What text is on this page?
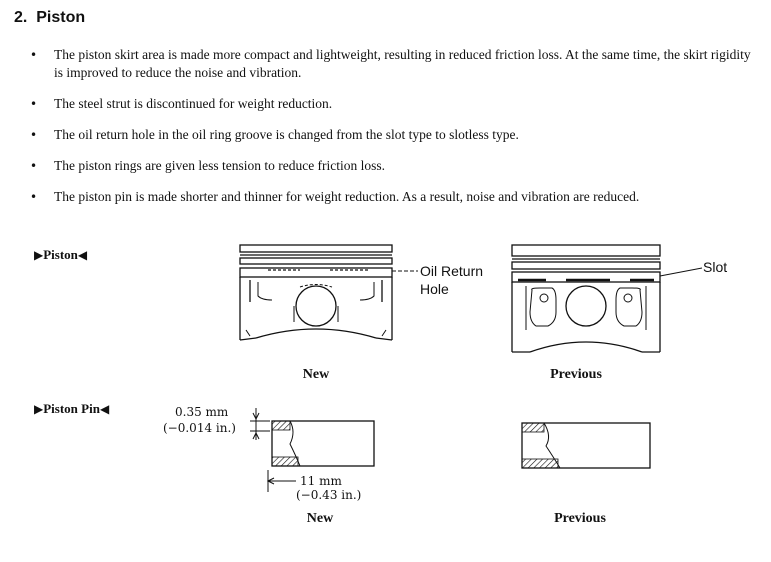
2. Piston
• The piston skirt area is made more compact and lightweight, resulting in reduced friction loss. At the same time, the skirt rigidity is improved to reduce the noise and vibration.
• The steel strut is discontinued for weight reduction.
• The oil return hole in the oil ring groove is changed from the slot type to slotless type.
• The piston rings are given less tension to reduce friction loss.
• The piston pin is made shorter and thinner for weight reduction. As a result, noise and vibration are reduced.
▶Piston◀
▶Piston Pin◀
Oil Return
Hole
Slot
New	Previous
0.35 mm
(−0.014 in.)
11 mm
(−0.43 in.)
New	Previous
